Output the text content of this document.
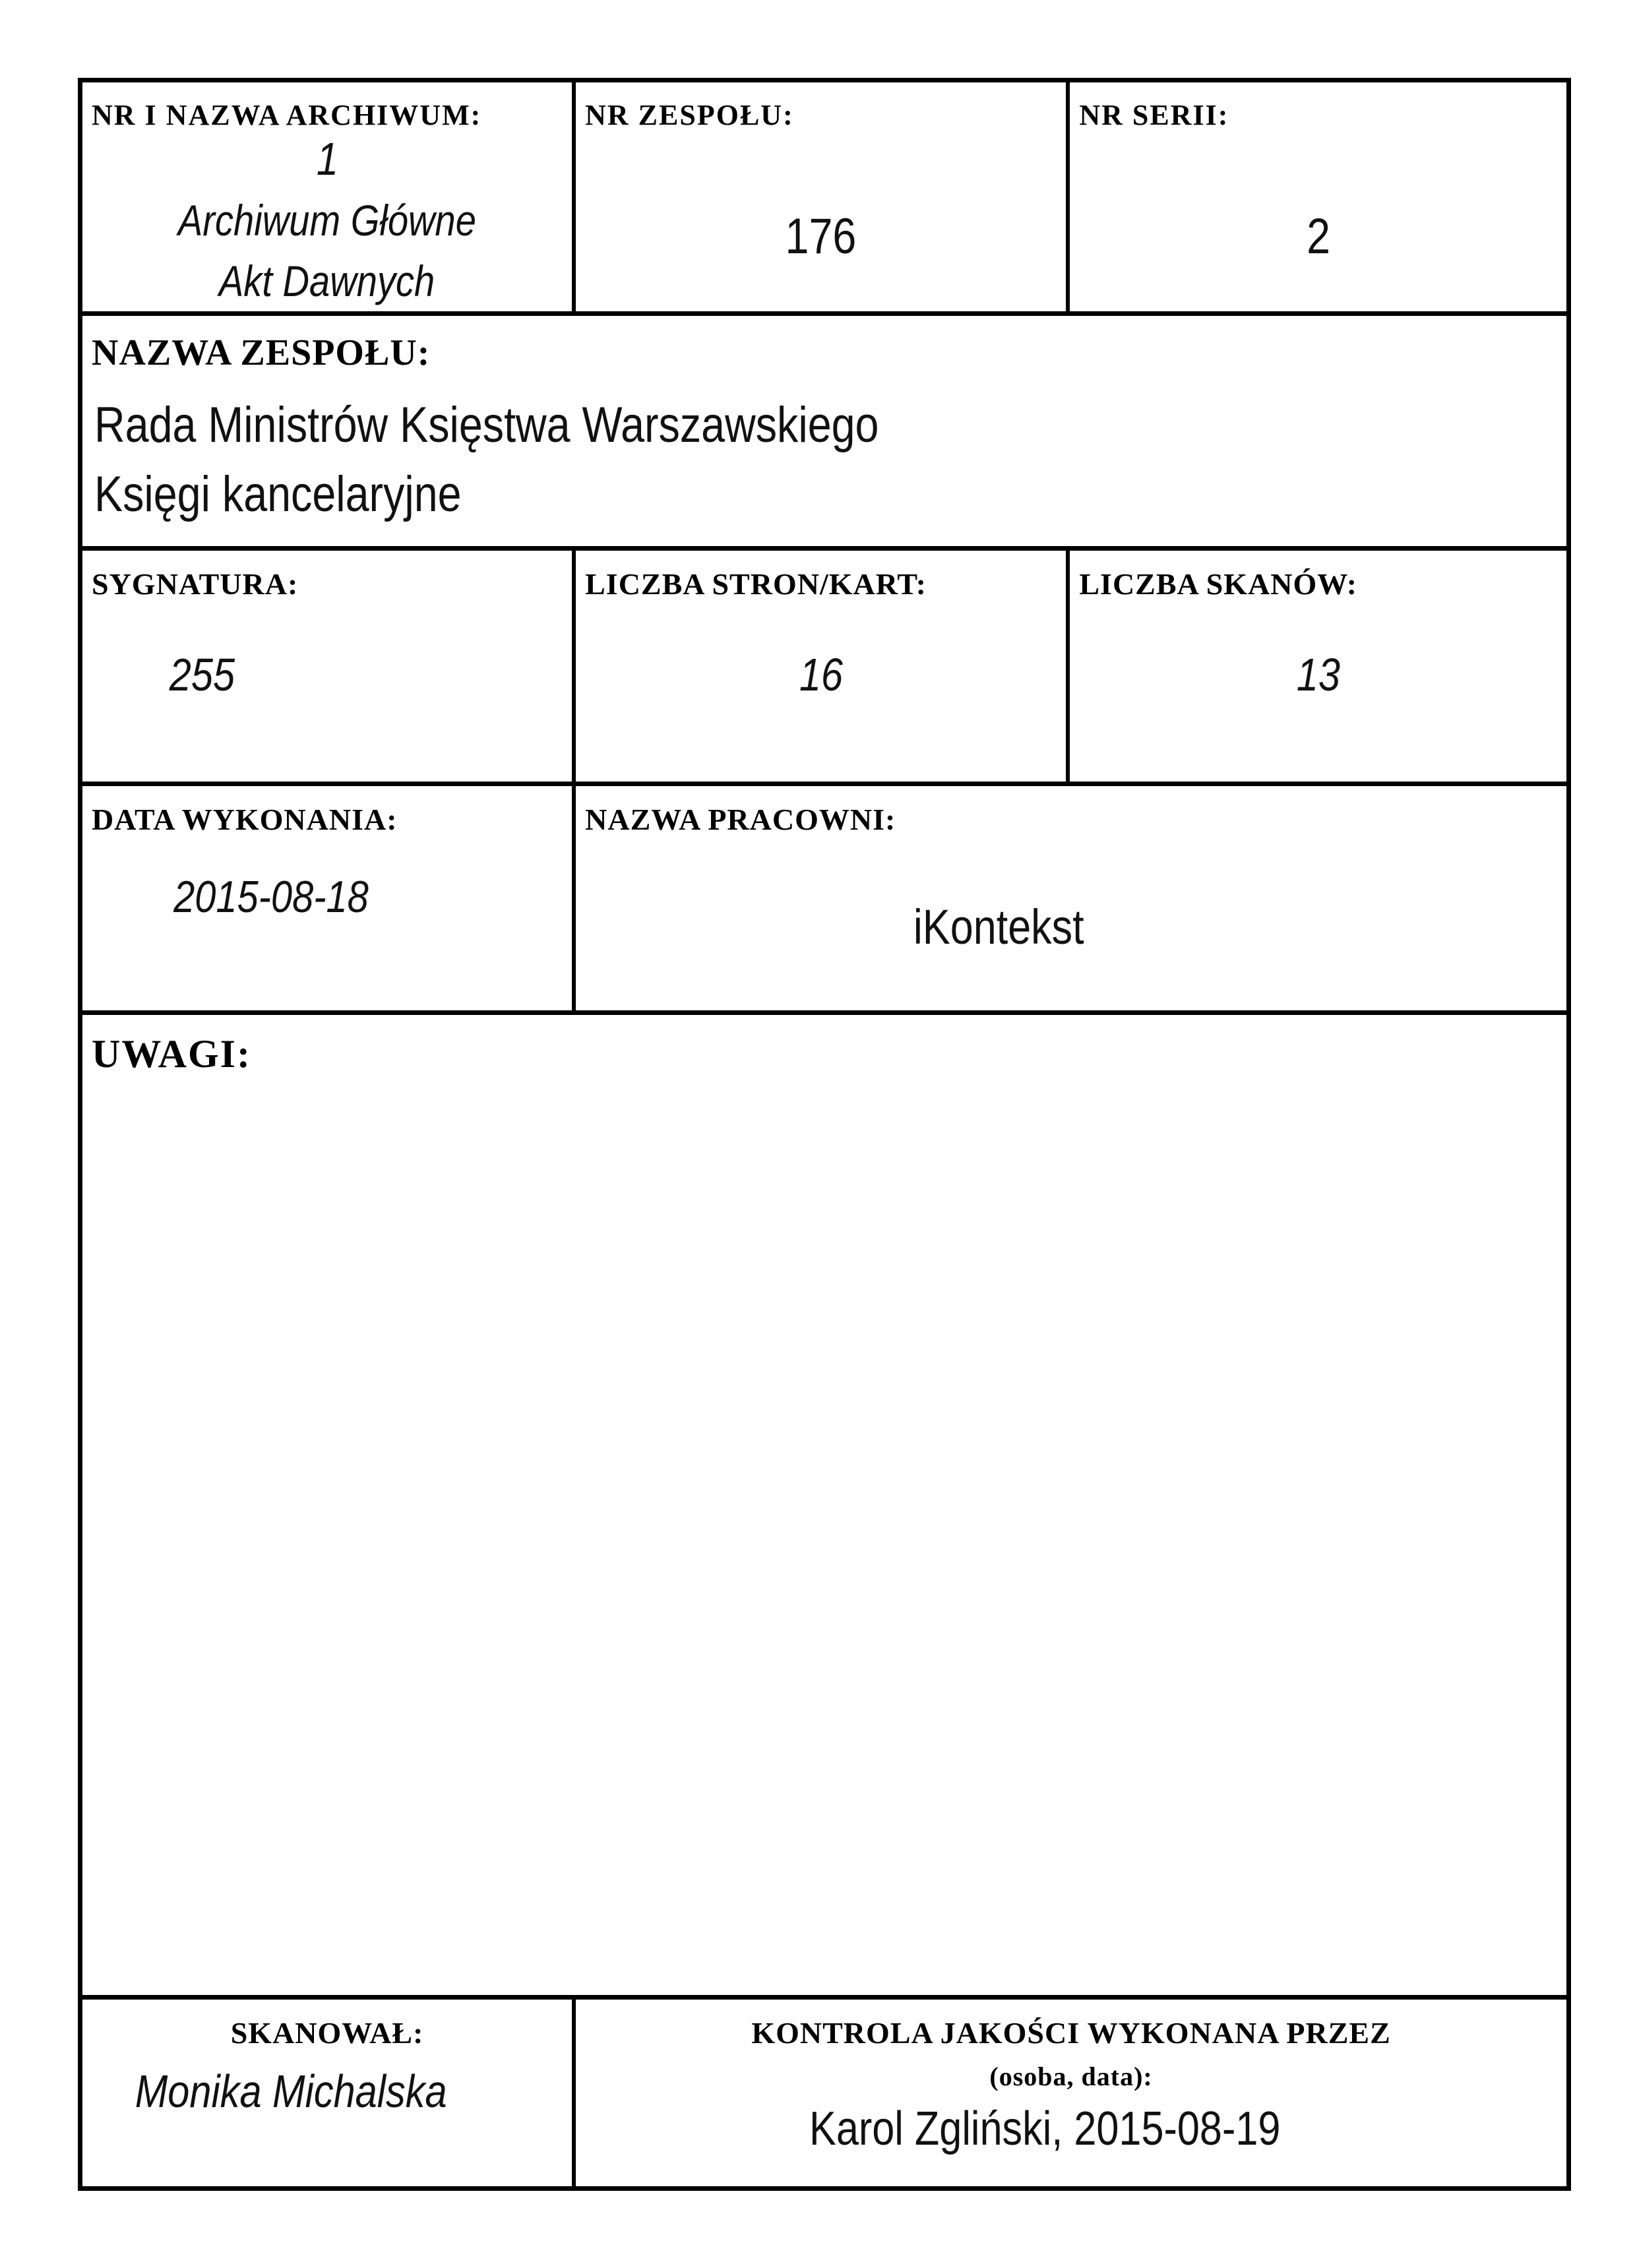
NR I NAZWA ARCHIWUM:
1
Archiwum Główne
Akt Dawnych
NR ZESPOŁU:
176
NR SERII:
2
NAZWA ZESPOŁU:
Rada Ministrów Księstwa Warszawskiego
Księgi kancelaryjne
SYGNATURA:
255
LICZBA STRON/KART:
16
LICZBA SKANÓW:
13
DATA WYKONANIA:
2015-08-18
NAZWA PRACOWNI:
iKontekst
UWAGI:
SKANOWAŁ:
Monika Michalska
KONTROLA JAKOŚCI WYKONANA PRZEZ
(osoba, data):
Karol Zgliński, 2015-08-19
